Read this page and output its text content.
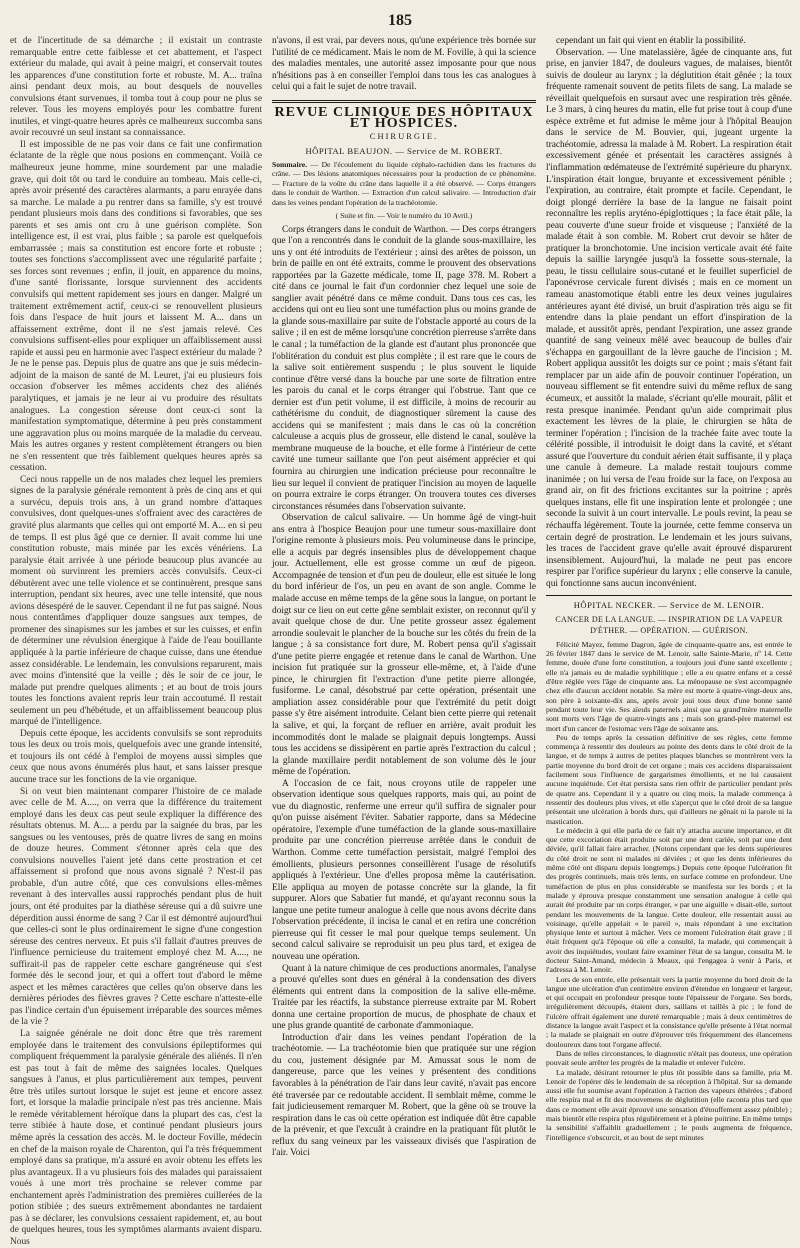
185

et de l'incertitude de sa démarche ; il existait un contraste remarquable entre cette faiblesse et cet abattement, et l'aspect extérieur du malade, qui avait à peine maigri, et conservait toutes les apparences d'une constitution forte et robuste. M. A... traîna ainsi pendant deux mois, au bout desquels de nouvelles convulsions étant survenues, il tomba tout à coup pour ne plus se relever. Tous les moyens employés pour les combattre furent inutiles, et vingt-quatre heures après ce malheureux succomba sans avoir recouvré un seul instant sa connaissance.

Il est impossible de ne pas voir dans ce fait une confirmation éclatante de la règle que nous posions en commençant. Voilà ce malheureux jeune homme, mine sourdement par une maladie grave, qui doit tôt ou tard le conduire au tombeau. Mais celle-ci, après avoir présenté des caractères alarmants, a paru enrayée dans sa marche. Le malade a pu rentrer dans sa famille, s'y est trouvé pendant plusieurs mois dans des conditions si favorables, que ses parents et ses amis ont cru à une guérison complète. Son intelligence est, il est vrai, plus faible ; sa parole est quelquefois embarrassée ; mais sa constitution est encore forte et robuste ; toutes ses fonctions s'accomplissent avec une régularité parfaite ; ses forces sont revenues ; enfin, il jouit, en apparence du moins, d'une santé florissante, lorsque surviennent des accidents convulsifs qui mettent rapidement ses jours en danger. Malgré un traitement extrêmement actif, ceux-ci se renouvellent plusieurs fois dans l'espace de huit jours et laissent M. A... dans un affaissement extrême, dont il ne s'est jamais relevé. Ces convulsions suffisent-elles pour expliquer un affaiblissement aussi rapide et aussi peu en harmonie avec l'aspect extérieur du malade ? Je ne le pense pas. Depuis plus de quatre ans que je suis médecin-adjoint de la maison de santé de M. Leuret, j'ai eu plusieurs fois occasion d'observer les mêmes accidents chez des aliénés paralytiques, et jamais je ne leur ai vu produire des résultats analogues. La congestion séreuse dont ceux-ci sont la manifestation symptomatique, détermine à peu près constamment une aggravation plus ou moins marquée de la maladie du cerveau. Mais les autres organes y restent complètement étrangers ou bien ne s'en ressentent que très faiblement quelques heures après sa cessation.

Ceci nous rappelle un de nos malades chez lequel les premiers signes de la paralysie générale remontent à près de cinq ans et qui a survécu, depuis trois ans, à un grand nombre d'attaques convulsives, dont quelques-unes s'offraient avec des caractères de gravité plus alarmants que celles qui ont emporté M. A... en si peu de temps. Il est plus âgé que ce dernier. Il avait comme lui une constitution robuste, mais minée par les excès vénériens. La paralysie était arrivée à une période beaucoup plus avancée au moment où survinrent les premiers accès convulsifs. Ceux-ci débutèrent avec une telle violence et se continuèrent, presque sans interruption, pendant six heures, avec une telle intensité, que nous avions désespéré de le sauver. Cependant il ne fut pas saigné. Nous nous contentâmes d'appliquer douze sangsues aux tempes, de promener des sinapismes sur les jambes et sur les cuisses, et enfin de déterminer une révulsion énergique à l'aide de l'eau bouillante appliquée à la partie inférieure de chaque cuisse, dans une étendue assez considérable. Le lendemain, les convulsions reparurent, mais avec moins d'intensité que la veille ; dès le soir de ce jour, le malade put prendre quelques aliments ; et au bout de trois jours toutes les fonctions avaient repris leur train accoutumé. Il restait seulement un peu d'hébétude, et un affaiblissement beaucoup plus marqué de l'intelligence.

Depuis cette époque, les accidents convulsifs se sont reproduits tous les deux ou trois mois, quelquefois avec une grande intensité, et toujours ils ont cédé à l'emploi de moyens aussi simples que ceux que nous avons énumérés plus haut, et sans laisser presque aucune trace sur les fonctions de la vie organique.

Si on veut bien maintenant comparer l'histoire de ce malade avec celle de M. A...., on verra que la différence du traitement employé dans les deux cas peut seule expliquer la différence des résultats obtenus. M. A.... a perdu par la saignée du bras, par les sangsues ou les ventouses, près de quatre livres de sang en moins de douze heures. Comment s'étonner après cela que des convulsions nouvelles l'aient jeté dans cette prostration et cet affaissement si profond que nous avons signalé ? N'est-il pas probable, d'un autre côté, que ces convulsions elles-mêmes revenant à des intervalles aussi rapprochés pendant plus de huit jours, ont été produites par la diathèse séreuse qui a dû suivre une déperdition aussi énorme de sang ? Car il est démontré aujourd'hui que celles-ci sont le plus ordinairement le signe d'une congestion séreuse des centres nerveux. Et puis s'il fallait d'autres preuves de l'influence pernicieuse du traitement employé chez M. A...., ne suffirait-il pas de rappeler cette eschare gangréneuse qui s'est formée dès le second jour, et qui a offert tout d'abord le même aspect et les mêmes caractères que celles qu'on observe dans les dernières périodes des fièvres graves ? Cette eschare n'atteste-elle pas l'indice certain d'un épuisement irréparable des sources mêmes de la vie ?

La saignée générale ne doit donc être que très rarement employée dans le traitement des convulsions épileptiformes qui compliquent fréquemment la paralysie générale des aliénés. Il n'en est pas tout à fait de même des saignées locales. Quelques sangsues à l'anus, et plus particulièrement aux tempes, peuvent être très utiles surtout lorsque le sujet est jeune et encore assez fort, et lorsque la maladie principale n'est pas très ancienne. Mais le remède véritablement héroïque dans la plupart des cas, c'est la terre stibiée à haute dose, et continué pendant plusieurs jours même après la cessation des accès. M. le docteur Foville, médecin en chef de la maison royale de Charenton, qui l'a très fréquemment employé dans sa pratique, m'a assuré en avoir obtenu les effets les plus avantageux. Il a vu plusieurs fois des malades qui paraissaient voués à une mort très prochaine se relever comme par enchantement après l'administration des premières cuillerées de la potion stibiée ; des sueurs extrêmement abondantes ne tardaient pas à se déclarer, les convulsions cessaient rapidement, et, au bout de quelques heures, tous les symptômes alarmants avaient disparu. Nous

n'avons, il est vrai, par devers nous, qu'une expérience très bornée sur l'utilité de ce médicament. Mais le nom de M. Foville, à qui la science des maladies mentales, une autorité assez imposante pour que nous n'hésitions pas à en conseiller l'emploi dans tous les cas analogues à celui qui a fait le sujet de notre travail.

REVUE CLINIQUE DES HÔPITAUX ET HOSPICES.
CHIRURGIE.
HÔPITAL BEAUJON. — Service de M. ROBERT.
Sommaire. — De l'écoulement du liquide céphalo-rachidien dans les fractures du crâne. — Des lésions anatomiques nécessaires pour la production de ce phénomène. — Fracture de la voûte du crâne dans laquelle il a été observé. — Corps étrangers dans le conduit de Warthon. — Extraction d'un calcul salivaire. — Introduction d'air dans les veines pendant l'opération de la trachéotomie.
( Suite et fin. — Voir le numéro du 10 Avril.)

Corps étrangers dans le conduit de Warthon. — Des corps étrangers que l'on a rencontrés dans le conduit de la glande sous-maxillaire, les uns y ont été introduits de l'extérieur ; ainsi des arêtes de poisson, un brin de paille en ont été extraits, comme le prouvent des observations rapportées par la Gazette médicale, tome II, page 378. M. Robert a cité dans ce journal le fait d'un cordonnier chez lequel une soie de sanglier avait pénétré dans ce même conduit. Dans tous ces cas, les accidens qui ont eu lieu sont une tuméfaction plus ou moins grande de la glande sous-maxillaire par suite de l'obstacle apporté au cours de la salive ; il en est de même lorsqu'une concrétion pierreuse s'arrête dans le canal ; la tuméfaction de la glande est d'autant plus prononcée que l'oblitération du conduit est plus complète ; il est rare que le cours de la salive soit entièrement suspendu ; le plus souvent le liquide continue d'être versé dans la bouche par une sorte de filtration entre les parois du canal et le corps étranger qui l'obstrue. Tant que ce dernier est d'un petit volume, il est difficile, à moins de recourir au cathétérisme du conduit, de diagnostiquer sûrement la cause des accidens qui se manifestent ; mais dans le cas où la concrétion calculeuse a acquis plus de grosseur, elle distend le canal, soulève la membrane muqueuse de la bouche, et elle forme à l'intérieur de cette cavité une tumeur saillante que l'on peut aisément apprécier et qui fournira au chirurgien une indication précieuse pour reconnaître le lieu sur lequel il convient de pratiquer l'incision au moyen de laquelle on pourra extraire le corps étranger. On trouvera toutes ces diverses circonstances résumées dans l'observation suivante.

Observation de calcul salivaire. — Un homme âgé de vingt-huit ans entra à l'hospice Beaujon pour une tumeur sous-maxillaire dont l'origine remonte à plusieurs mois. Peu volumineuse dans le principe, elle a acquis par degrés insensibles plus de développement chaque jour. Actuellement, elle est grosse comme un œuf de pigeon. Accompagnée de tension et d'un peu de douleur, elle est située le long du bord inférieur de l'os, un peu en avant de son angle. Comme le malade accuse en même temps de la gêne sous la langue, on portant le doigt sur ce lieu on eut cette gêne semblait exister, on reconnut qu'il y avait quelque chose de dur. Une petite grosseur assez également arrondie soulevait le plancher de la bouche sur les côtés du frein de la langue ; à sa consistance fort dure, M. Robert pensa qu'il s'agissait d'une petite pierre engagée et retenue dans le canal de Warthon. Une incision fut pratiquée sur la grosseur elle-même, et, à l'aide d'une pince, le chirurgien fit l'extraction d'une petite pierre allongée, fusiforme. Le canal, désobstrué par cette opération, présentait une ampliation assez considérable pour que l'extrémité du petit doigt passe s'y être aisément introduite. Celant bien cette pierre qui retenait la salive, et qui, la forçant de refluer en arrière, avait produit les incommodités dont le malade se plaignait depuis longtemps. Aussi tous les accidens se dissipèrent en partie après l'extraction du calcul ; la glande maxillaire perdit notablement de son volume dès le jour même de l'opération.

A l'occasion de ce fait, nous croyons utile de rappeler une observation identique sous quelques rapports, mais qui, au point de vue du diagnostic, renferme une erreur qu'il suffira de signaler pour qu'on puisse aisément l'éviter. Sabatier rapporte, dans sa Médecine opératoire, l'exemple d'une tuméfaction de la glande sous-maxillaire produite par une concrétion pierreuse arrêtée dans le conduit de Warthon. Comme cette tuméfaction persistait, malgré l'emploi des émollients, plusieurs personnes conseillèrent l'usage de résolutifs appliqués à l'extérieur. Une d'elles proposa même la cautérisation. Elle appliqua au moyen de potasse concrète sur la glande, la fit suppurer. Alors que Sabatier fut mandé, et qu'ayant reconnu sous la langue une petite tumeur analogue à celle que nous avons décrite dans l'observation précédente, il incisa le canal et en retira une concrétion pierreuse qui fit cesser le mal pour quelque temps seulement. Un second calcul salivaire se reproduisit un peu plus tard, et exigea de nouveau une opération.

Quant à la nature chimique de ces productions anormales, l'analyse a prouvé qu'elles sont dues en général à la condensation des divers éléments qui entrent dans la composition de la salive elle-même. Traitée par les réactifs, la substance pierreuse extraite par M. Robert donna une certaine proportion de mucus, de phosphate de chaux et une plus grande quantité de carbonate d'ammoniaque.

Introduction d'air dans les veines pendant l'opération de la trachéotomie. — La trachéotomie bien que pratiquée sur une région du cou, justement désignée par M. Amussat sous le nom de dangereuse, parce que les veines y présentent des conditions favorables à la pénétration de l'air dans leur cavité, n'avait pas encore été traversée par ce redoutable accident. Il semblait même, comme le fait judicieusement remarquer M. Robert, que la gêne où se trouve la respiration dans le cas où cette opération est indiquée dût être capable de la prévenir, et que l'excuât à craindre en la pratiquant fût plutôt le reflux du sang veineux par les vaisseaux divisés que l'aspiration de l'air. Voici

cependant un fait qui vient en établir la possibilité.

Observation. — Une matelassière, âgée de cinquante ans, fut prise, en janvier 1847, de douleurs vagues, de malaises, bientôt suivis de douleur au larynx ; la déglutition était gênée ; la toux fréquente ramenait souvent de petits filets de sang. La malade se réveillait quelquefois en sursaut avec une respiration très gênée. Le 3 mars, à cinq heures du matin, elle fut prise tout à coup d'une espèce extrême et fut admise le même jour à l'hôpital Beaujon dans le service de M. Bouvier, qui, jugeant urgente la trachéotomie, adressa la malade à M. Robert. La respiration était excessivement génée et présentait les caractères assignés à l'inflammation œdémateuse de l'extrémité supérieure du pharynx. L'inspiration était longue, bruyante et excessivement pénible ; l'expiration, au contraire, était prompte et facile. Cependant, le doigt plongé derrière la base de la langue ne faisait point reconnaître les replis aryténo-épiglottiques ; la face était pâle, la peau couverte d'une sueur froide et visqueuse ; l'anxiété de la malade était à son comble. M. Robert crut devoir se hâter de pratiquer la bronchotomie. Une incision verticale avait été faite depuis la saillie laryngée jusqu'à la fossette sous-sternale, la peau, le tissu cellulaire sous-cutané et le feuillet superficiel de l'aponévrose cervicale furent divisés ; mais en ce moment un rameau anastomotique établi entre les deux veines jugulaires antérieures ayant été divisé, un bruit d'aspiration très aigu se fit entendre dans la plaie pendant un effort d'inspiration de la malade, et aussitôt après, pendant l'expiration, une assez grande quantité de sang veineux mêlé avec beaucoup de bulles d'air s'échappa en gargouillant de la lèvre gauche de l'incision ; M. Robert appliqua aussitôt les doigts sur ce point ; mais s'étant fait remplacer par un aide afin de pouvoir continuer l'opération, un nouveau sifflement se fit entendre suivi du même reflux de sang écumeux, et aussitôt la malade, s'écriant qu'elle mourait, pâlit et resta presque inanimée. Pendant qu'un aide comprimait plus exactement les lèvres de la plaie, le chirurgien se hâta de terminer l'opération ; l'incision de la trachée faite avec toute la célérité possible, il introduisit le doigt dans la cavité, et s'étant assuré que l'ouverture du conduit aérien était suffisante, il y plaça une canule à demeure. La malade restait toujours comme inanimée ; on lui versa de l'eau froide sur la face, on l'exposa au grand air, on fit des frictions excitantes sur la poitrine ; après quelques instans, elle fit une inspiration lente et prolongée ; une seconde la suivit à un court intervalle. Le pouls revint, la peau se réchauffa légèrement. Toute la journée, cette femme conserva un certain degré de prostration. Le lendemain et les jours suivans, les traces de l'accident grave qu'elle avait éprouvé disparurent insensiblement. Aujourd'hui, la malade ne peut pas encore respirer par l'orifice supérieur du larynx ; elle conserve la canule, qui fonctionne sans aucun inconvénient.

HÔPITAL NECKER. — Service de M. LENOIR.
CANCER DE LA LANGUE. — INSPIRATION DE LA VAPEUR D'ÉTHER. — OPÉRATION. — GUÉRISON.

Félicité Mayez, femme Dagron, âgée de cinquante-quatre ans, est entrée le 26 février 1847 dans le service de M. Lenoir, salle Sainte-Marie, nº 14. Cette femme, douée d'une forte constitution, a toujours joui d'une santé excellente ; elle n'a jamais eu de maladie syphilitique ; elle a eu quatre enfans et a cessé d'être réglée vers l'âge de cinquante ans. La ménopause ne s'est accompagnée chez elle d'aucun accident notable. Sa mère est morte à quatre-vingt-deux ans, son père à soixante-dix ans, après avoir joui tous deux d'une bonne santé pendant toute leur vie. Ses aïeuls paternels ainsi que sa grand'mère maternelle sont morts vers l'âge de quatre-vingts ans ; mais son grand-père maternel est mort d'un cancer de l'estomac vers l'âge de soixante ans.

Peu de temps après la cessation définitive de ses règles, cette femme commença à ressentir des douleurs au pointe des dents dans le côté droit de la langue, et de temps à autres de petites plaques blanches se montrèrent vers la partie moyenne du bord droit de cet organe ; mais ces accidens disparaissaient facilement sous l'influence de gargarismes émollients, et ne lui causaient aucune inquiétude. Cet état persista sans rien offrir de particulier pendant près de quatre ans. Cependant il y a quatre ou cinq mois, la malade commença à ressentir des douleurs plus vives, et elle s'aperçut que le côté droit de sa langue présentait une ulcération à bords durs, qui d'ailleurs ne gênait ni la parole ni la mastication.

Le médecin à qui elle parla de ce fait n'y attacha aucune importance, et dit que cette excoriation était produite soit par une dent cariée, soit par une dent déviée, qu'il fallait faire arracher. (Notons cependant que les dents supérieures du côté droit ne sont ni malades ni déviées ; et que les dents inférieures du même côté ont disparu depuis longtemps.) Depuis cette époque l'ulcération fit des progrès continuels, mais très lents, en surface comme en profondeur. Une tuméfaction de plus en plus considérable se manifesta sur les bords ; et la malade y éprouva presque constamment une sensation analogue à celle qui aurait été produite par un corps étranger, « par une aiguille » disait-elle, surtout pendant les mouvements de la langue. Cette douleur, elle ressentait aussi au voisinage, qu'elle appelait « le pareil », mais répondant à une excitation physique lente et surtout à mâcher. Vers ce moment l'ulcération était grave ; il était fréquent qu'à l'époque où elle a consulté, la malade, qui commençait à avoir des inquiétudes, voulant faire examiner l'état de sa langue, consulta M. le docteur Saint-Amand, médecin à Meaux, qui l'engagea à venir à Paris, et l'adressa à M. Lenoir.

Lors de son entrée, elle présentait vers la partie moyenne du bord droit de la langue une ulcération d'un centimètre environ d'étendue en longueur et largeur, et qui occupait en profondeur presque toute l'épaisseur de l'organe. Ses bords, irrégulièrement découpés, étaient durs, saillans et taillés à pic ; le fond de l'ulcère offrait également une dureté remarquable ; mais à deux centimètres de distance la langue avait l'aspect et la consistance qu'elle présente à l'état normal ; la malade se plaignait en outre d'éprouver très fréquemment des élancemens douloureux dans tout l'organe affecté.

Dans de telles circonstances, le diagnostic n'était pas douteux, une opération pouvait seule arrêter les progrès de la maladie et enlever l'ulcère.

La malade, désirant retourner le plus tôt possible dans sa famille, pria M. Lenoir de l'opérer dès le lendemain de sa réception à l'hôpital. Sur sa demande aussi elle fut soumise avant l'opération à l'action des vapeurs éthérées ; d'abord elle respira mal et fit des mouvemens de déglutition (elle raconta plus tard que dans ce moment elle avait éprouvé une sensation d'étouffement assez pénible) ; mais bientôt elle respira plus régulièrement et à pleine poitrine. En même temps la sensibilité s'affaiblit graduellement ; le pouls augmenta de fréquence, l'intelligence s'obscurcit, et au bout de sept minutes
